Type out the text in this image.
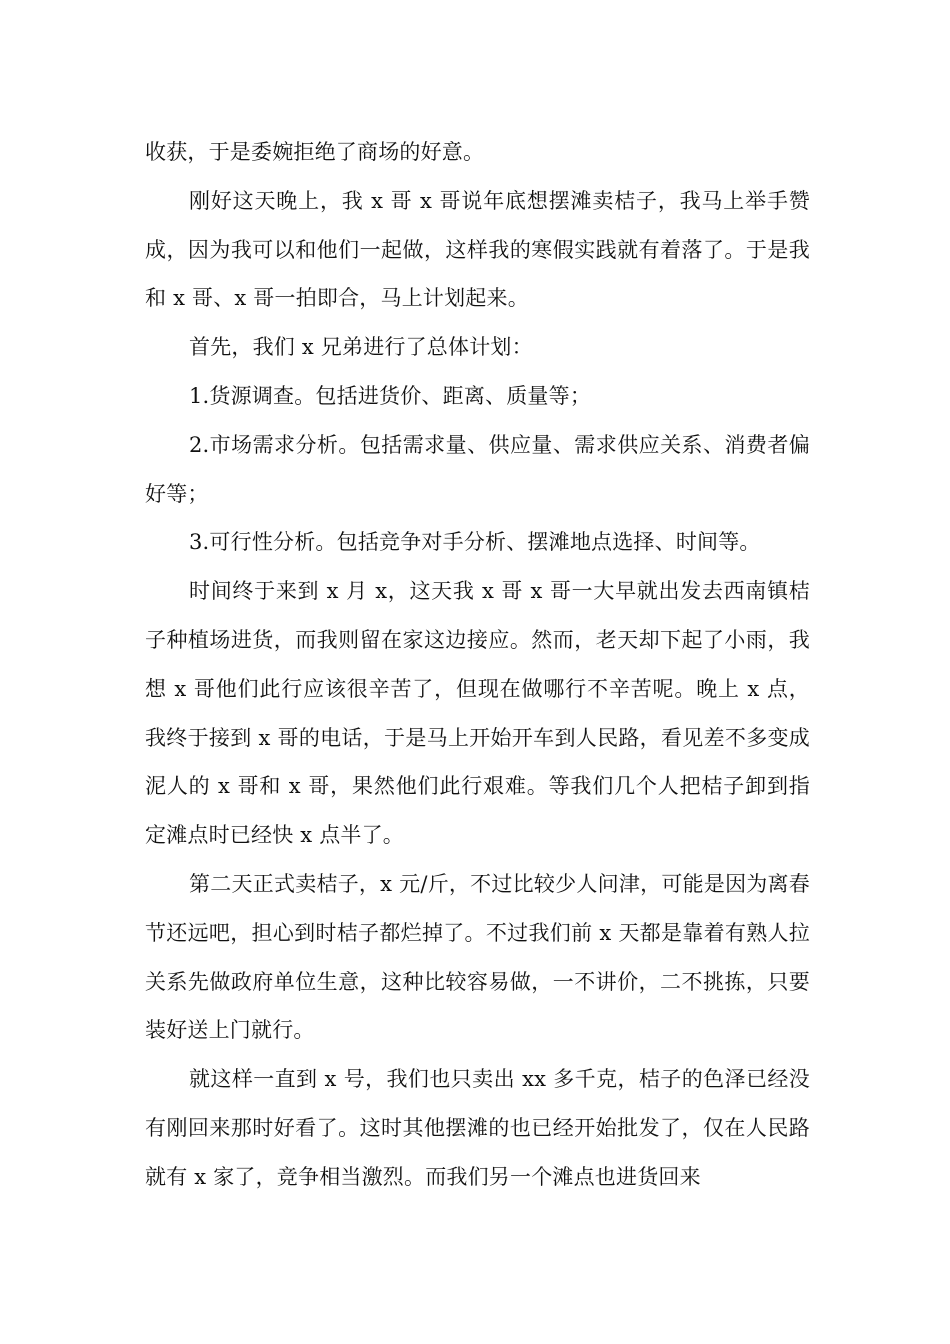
收获，于是委婉拒绝了商场的好意。

刚好这天晚上，我 x 哥 x 哥说年底想摆滩卖桔子，我马上举手赞成，因为我可以和他们一起做，这样我的寒假实践就有着落了。于是我和 x 哥、x 哥一拍即合，马上计划起来。

首先，我们 x 兄弟进行了总体计划：

1.货源调查。包括进货价、距离、质量等；

2.市场需求分析。包括需求量、供应量、需求供应关系、消费者偏好等；

3.可行性分析。包括竞争对手分析、摆滩地点选择、时间等。

时间终于来到 x 月 x，这天我 x 哥 x 哥一大早就出发去西南镇桔子种植场进货，而我则留在家这边接应。然而，老天却下起了小雨，我想 x 哥他们此行应该很辛苦了，但现在做哪行不辛苦呢。晚上 x 点，我终于接到 x 哥的电话，于是马上开始开车到人民路，看见差不多变成泥人的 x 哥和 x 哥，果然他们此行艰难。等我们几个人把桔子卸到指定滩点时已经快 x 点半了。

第二天正式卖桔子，x 元/斤，不过比较少人问津，可能是因为离春节还远吧，担心到时桔子都烂掉了。不过我们前 x 天都是靠着有熟人拉关系先做政府单位生意，这种比较容易做，一不讲价，二不挑拣，只要装好送上门就行。

就这样一直到 x 号，我们也只卖出 xx 多千克，桔子的色泽已经没有刚回来那时好看了。这时其他摆滩的也已经开始批发了，仅在人民路就有 x 家了，竞争相当激烈。而我们另一个滩点也进货回来
